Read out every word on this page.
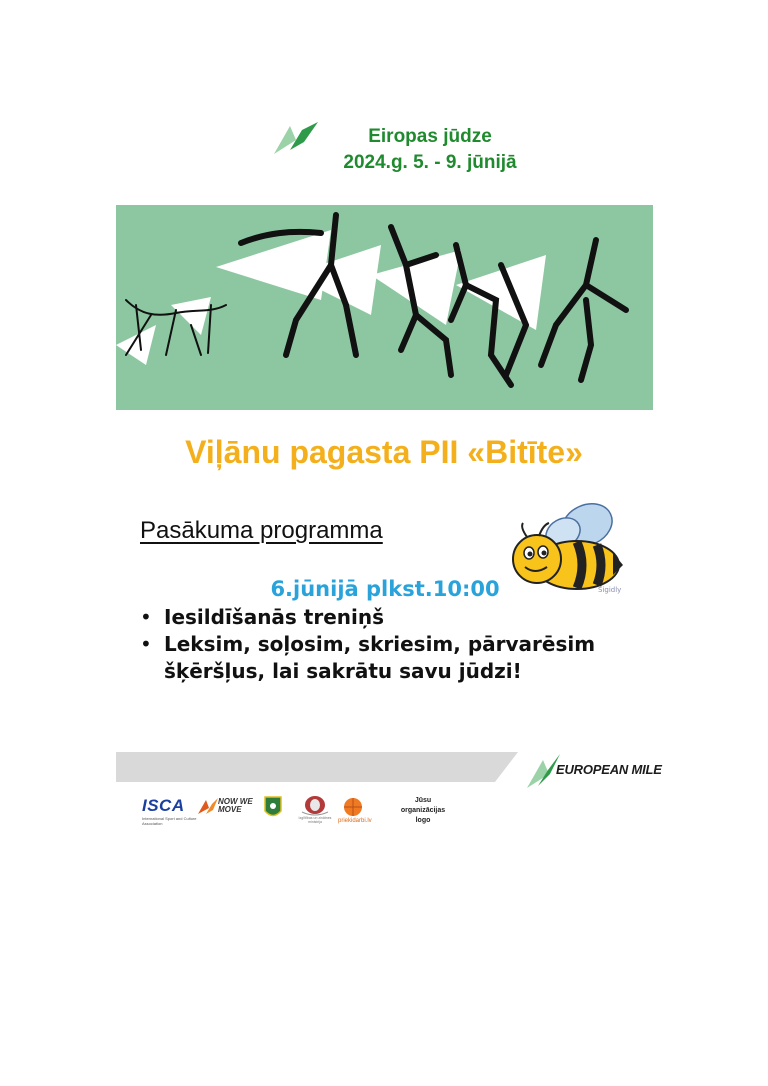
Eiropas jūdze
2024.g. 5. - 9. jūnijā
Viļānu pagasta PII «Bitīte»
Pasākuma programma
Sigidly
6.jūnijā plkst.10:00
• Iesildīšanās treniņš
• Leksim, soļosim, skriesim, pārvarēsim šķēršļus, lai sakrātu savu jūdzi!
EUROPEAN MILE
ISCA
International Sport and Culture Association
NOW WE MOVE
Izglītības un zinātnes ministrija	priekidarbi.lv
Jūsu organizācijas logo
